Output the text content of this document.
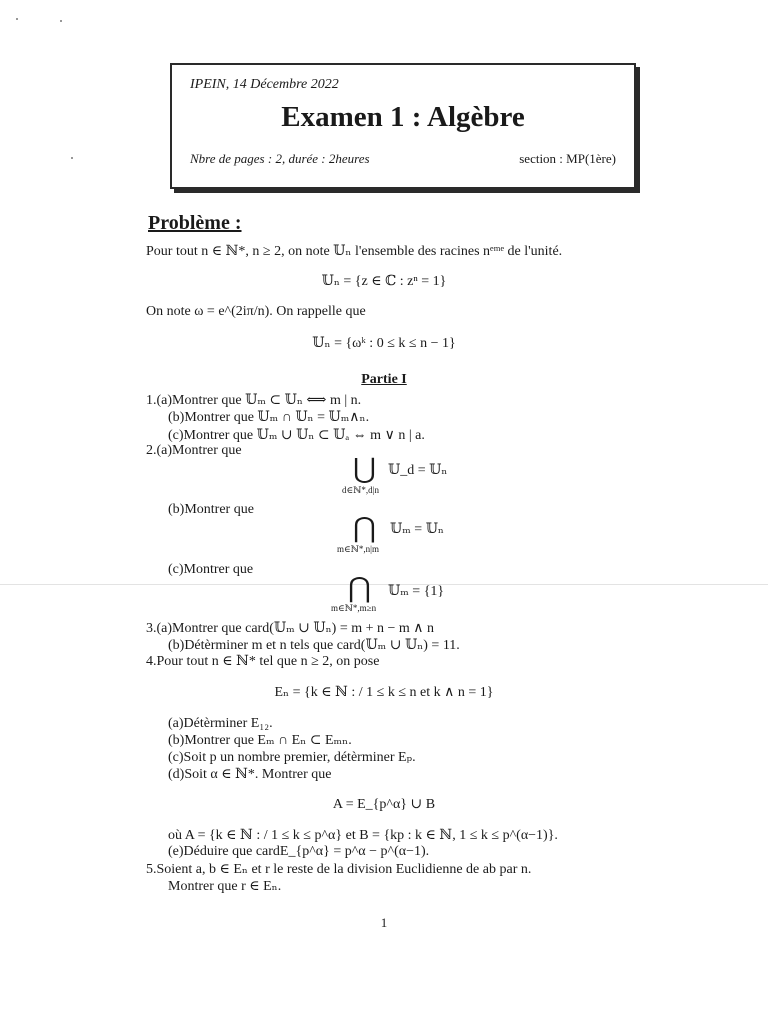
IPEIN, 14 Décembre 2022
Examen 1 : Algèbre
Nbre de pages : 2, durée : 2heures	section : MP(1ère)
Problème :
Pour tout n ∈ ℕ*, n ≥ 2, on note 𝕌ₙ l'ensemble des racines nᵉᵐᵉ de l'unité.
𝕌ₙ = {z ∈ ℂ : zⁿ = 1}
On note ω = e^(2iπ/n). On rappelle que
𝕌ₙ = {ωᵏ : 0 ≤ k ≤ n − 1}
Partie I
1.(a)Montrer que 𝕌ₘ ⊂ 𝕌ₙ ⟺ m | n.
(b)Montrer que 𝕌ₘ ∩ 𝕌ₙ = 𝕌ₘ∧ₙ.
(c)Montrer que 𝕌ₘ ∪ 𝕌ₙ ⊂ 𝕌ₐ ⇔ m ∨ n | a.
2.(a)Montrer que
⋃
d∈ℕ*,d|n
𝕌_d = 𝕌ₙ
(b)Montrer que
⋂
m∈ℕ*,n|m
𝕌ₘ = 𝕌ₙ
(c)Montrer que
⋂
m∈ℕ*,m≥n
𝕌ₘ = {1}
3.(a)Montrer que card(𝕌ₘ ∪ 𝕌ₙ) = m + n − m ∧ n
(b)Détèrminer m et n tels que card(𝕌ₘ ∪ 𝕌ₙ) = 11.
4.Pour tout n ∈ ℕ* tel que n ≥ 2, on pose
Eₙ = {k ∈ ℕ : / 1 ≤ k ≤ n et k ∧ n = 1}
(a)Détèrminer E₁₂.
(b)Montrer que Eₘ ∩ Eₙ ⊂ Eₘₙ.
(c)Soit p un nombre premier, détèrminer Eₚ.
(d)Soit α ∈ ℕ*. Montrer que
A = E_{p^α} ∪ B
où A = {k ∈ ℕ : / 1 ≤ k ≤ p^α} et B = {kp : k ∈ ℕ, 1 ≤ k ≤ p^(α−1)}.
(e)Déduire que cardE_{p^α} = p^α − p^(α−1).
5.Soient a, b ∈ Eₙ et r le reste de la division Euclidienne de ab par n.
Montrer que r ∈ Eₙ.
1
